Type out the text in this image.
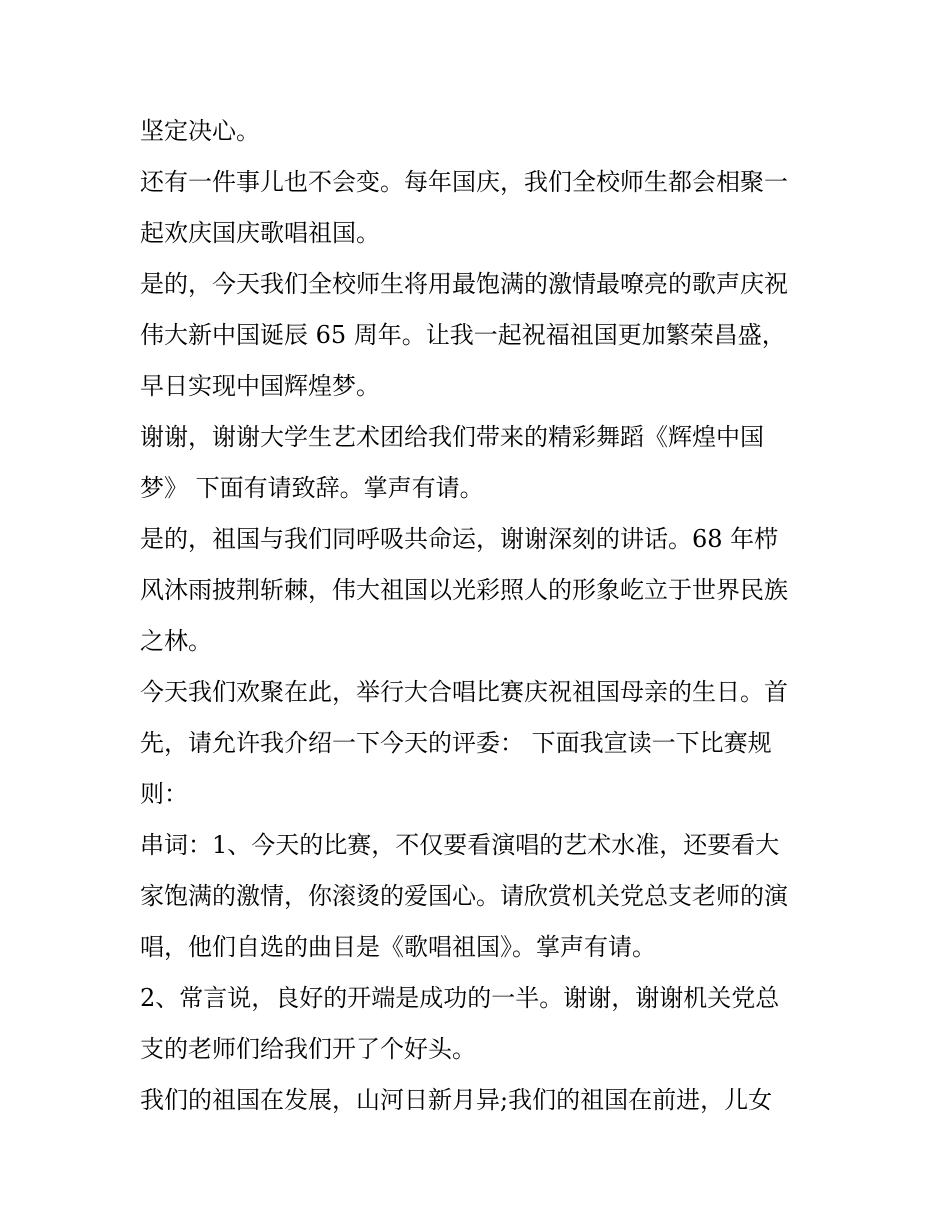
坚定决心。
还有一件事儿也不会变。每年国庆，我们全校师生都会相聚一
起欢庆国庆歌唱祖国。
是的，今天我们全校师生将用最饱满的激情最嘹亮的歌声庆祝
伟大新中国诞辰 65 周年。让我一起祝福祖国更加繁荣昌盛，
早日实现中国辉煌梦。
谢谢，谢谢大学生艺术团给我们带来的精彩舞蹈《辉煌中国
梦》 下面有请致辞。掌声有请。
是的，祖国与我们同呼吸共命运，谢谢深刻的讲话。68 年栉
风沐雨披荆斩棘，伟大祖国以光彩照人的形象屹立于世界民族
之林。
今天我们欢聚在此，举行大合唱比赛庆祝祖国母亲的生日。首
先，请允许我介绍一下今天的评委： 下面我宣读一下比赛规
则：
串词：1、今天的比赛，不仅要看演唱的艺术水准，还要看大
家饱满的激情，你滚烫的爱国心。请欣赏机关党总支老师的演
唱，他们自选的曲目是《歌唱祖国》。掌声有请。
2、常言说，良好的开端是成功的一半。谢谢，谢谢机关党总
支的老师们给我们开了个好头。
我们的祖国在发展，山河日新月异;我们的祖国在前进，儿女
